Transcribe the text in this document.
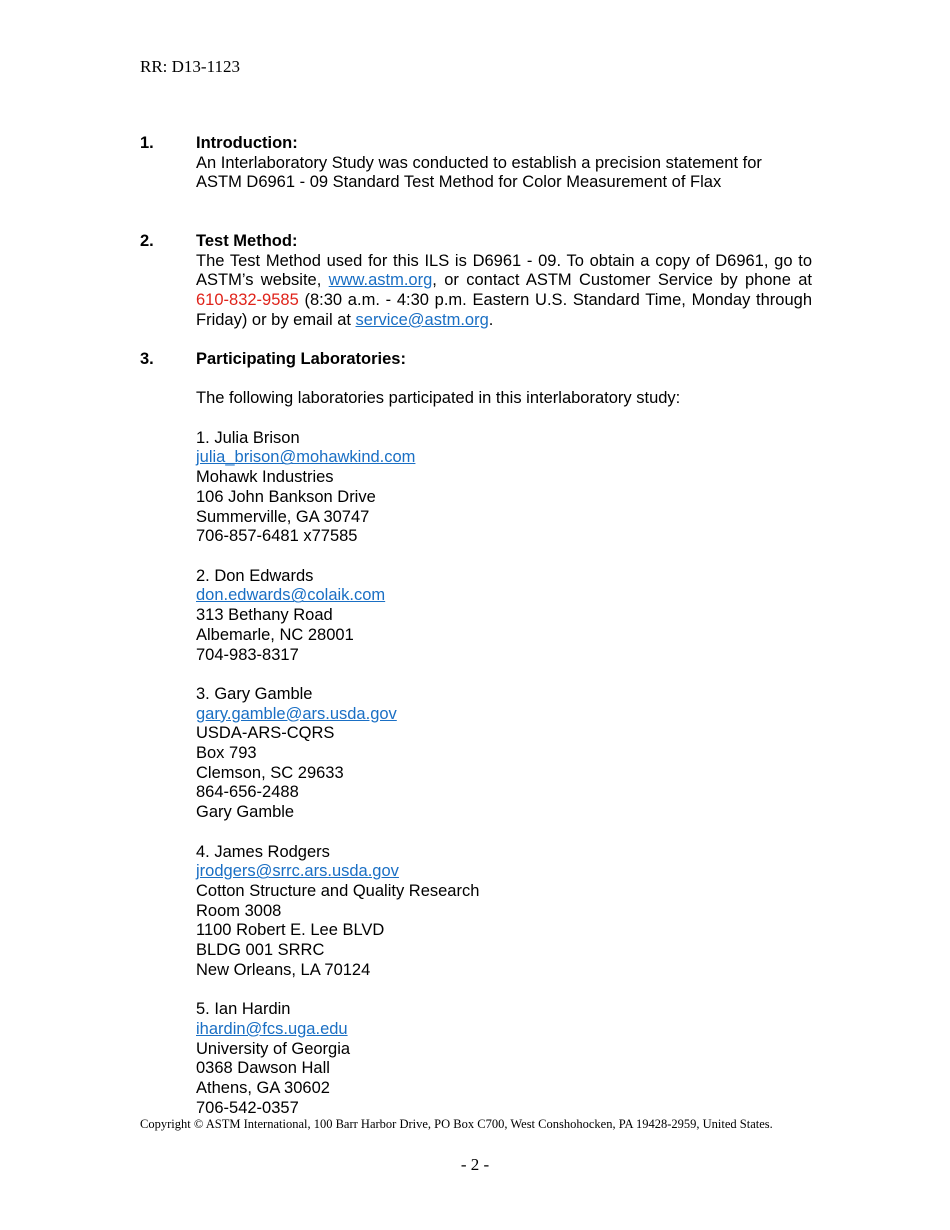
RR: D13-1123
1.	Introduction:
An Interlaboratory Study was conducted to establish a precision statement for
ASTM D6961 - 09 Standard Test Method for Color Measurement of Flax
2.	Test Method:
The Test Method used for this ILS is D6961 - 09. To obtain a copy of D6961, go to ASTM’s website, www.astm.org, or contact ASTM Customer Service by phone at 610-832-9585 (8:30 a.m. - 4:30 p.m. Eastern U.S. Standard Time, Monday through Friday) or by email at service@astm.org.
3.	Participating Laboratories:
The following laboratories participated in this interlaboratory study:
1. Julia Brison
julia_brison@mohawkind.com
Mohawk Industries
106 John Bankson Drive
Summerville, GA 30747
706-857-6481 x77585
2. Don Edwards
don.edwards@colaik.com
313 Bethany Road
Albemarle, NC 28001
704-983-8317
3. Gary Gamble
gary.gamble@ars.usda.gov
USDA-ARS-CQRS
Box 793
Clemson, SC 29633
864-656-2488
Gary Gamble
4. James Rodgers
jrodgers@srrc.ars.usda.gov
Cotton Structure and Quality Research
Room 3008
1100 Robert E. Lee BLVD
BLDG 001 SRRC
New Orleans, LA 70124
5. Ian Hardin
ihardin@fcs.uga.edu
University of Georgia
0368 Dawson Hall
Athens, GA 30602
706-542-0357
Copyright © ASTM International, 100 Barr Harbor Drive, PO Box C700, West Conshohocken, PA 19428-2959, United States.
- 2 -
